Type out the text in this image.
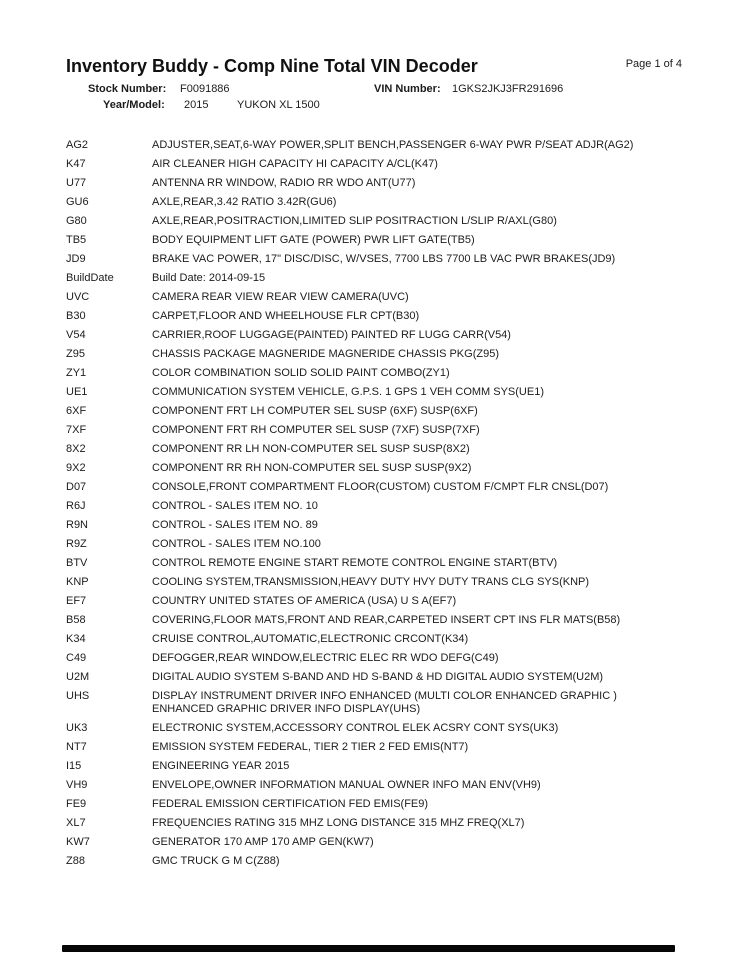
Inventory Buddy - Comp Nine Total VIN Decoder	Page 1 of 4
Stock Number: F0091886	VIN Number: 1GKS2JKJ3FR291696
Year/Model: 2015	YUKON XL 1500
AG2	ADJUSTER,SEAT,6-WAY POWER,SPLIT BENCH,PASSENGER 6-WAY PWR P/SEAT ADJR(AG2)
K47	AIR CLEANER HIGH CAPACITY HI CAPACITY A/CL(K47)
U77	ANTENNA RR WINDOW, RADIO RR WDO ANT(U77)
GU6	AXLE,REAR,3.42 RATIO 3.42R(GU6)
G80	AXLE,REAR,POSITRACTION,LIMITED SLIP POSITRACTION L/SLIP R/AXL(G80)
TB5	BODY EQUIPMENT LIFT GATE (POWER) PWR LIFT GATE(TB5)
JD9	BRAKE VAC POWER, 17" DISC/DISC, W/VSES, 7700 LBS 7700 LB VAC PWR BRAKES(JD9)
BuildDate	Build Date: 2014-09-15
UVC	CAMERA REAR VIEW REAR VIEW CAMERA(UVC)
B30	CARPET,FLOOR AND WHEELHOUSE FLR CPT(B30)
V54	CARRIER,ROOF LUGGAGE(PAINTED) PAINTED RF LUGG CARR(V54)
Z95	CHASSIS PACKAGE MAGNERIDE MAGNERIDE CHASSIS PKG(Z95)
ZY1	COLOR COMBINATION SOLID SOLID PAINT COMBO(ZY1)
UE1	COMMUNICATION SYSTEM VEHICLE, G.P.S. 1 GPS 1 VEH COMM SYS(UE1)
6XF	COMPONENT FRT LH COMPUTER SEL SUSP (6XF) SUSP(6XF)
7XF	COMPONENT FRT RH COMPUTER SEL SUSP (7XF) SUSP(7XF)
8X2	COMPONENT RR LH NON-COMPUTER SEL SUSP SUSP(8X2)
9X2	COMPONENT RR RH NON-COMPUTER SEL SUSP SUSP(9X2)
D07	CONSOLE,FRONT COMPARTMENT FLOOR(CUSTOM) CUSTOM F/CMPT FLR CNSL(D07)
R6J	CONTROL - SALES ITEM NO. 10
R9N	CONTROL - SALES ITEM NO. 89
R9Z	CONTROL - SALES ITEM NO.100
BTV	CONTROL REMOTE ENGINE START REMOTE CONTROL ENGINE START(BTV)
KNP	COOLING SYSTEM,TRANSMISSION,HEAVY DUTY HVY DUTY TRANS CLG SYS(KNP)
EF7	COUNTRY UNITED STATES OF AMERICA (USA) U S A(EF7)
B58	COVERING,FLOOR MATS,FRONT AND REAR,CARPETED INSERT CPT INS FLR MATS(B58)
K34	CRUISE CONTROL,AUTOMATIC,ELECTRONIC CRCONT(K34)
C49	DEFOGGER,REAR WINDOW,ELECTRIC ELEC RR WDO DEFG(C49)
U2M	DIGITAL AUDIO SYSTEM S-BAND AND HD S-BAND & HD DIGITAL AUDIO SYSTEM(U2M)
UHS	DISPLAY INSTRUMENT DRIVER INFO ENHANCED (MULTI COLOR ENHANCED GRAPHIC ) ENHANCED GRAPHIC DRIVER INFO DISPLAY(UHS)
UK3	ELECTRONIC SYSTEM,ACCESSORY CONTROL ELEK ACSRY CONT SYS(UK3)
NT7	EMISSION SYSTEM FEDERAL, TIER 2 TIER 2 FED EMIS(NT7)
I15	ENGINEERING YEAR 2015
VH9	ENVELOPE,OWNER INFORMATION MANUAL OWNER INFO MAN ENV(VH9)
FE9	FEDERAL EMISSION CERTIFICATION FED EMIS(FE9)
XL7	FREQUENCIES RATING 315 MHZ LONG DISTANCE 315 MHZ FREQ(XL7)
KW7	GENERATOR 170 AMP 170 AMP GEN(KW7)
Z88	GMC TRUCK G M C(Z88)
